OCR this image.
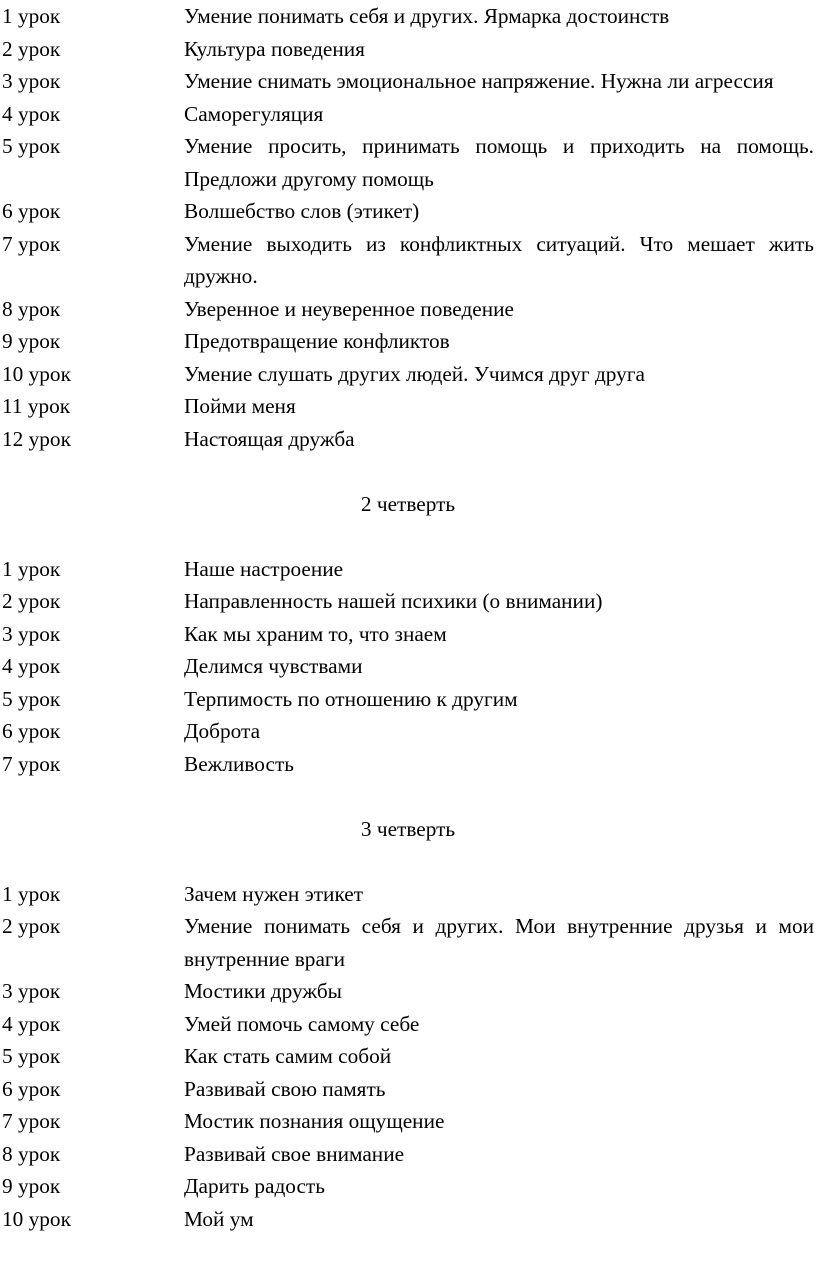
1 урок	Умение понимать себя и других. Ярмарка достоинств
2 урок	Культура поведения
3 урок	Умение снимать эмоциональное напряжение. Нужна ли агрессия
4 урок	Саморегуляция
5 урок	Умение просить, принимать помощь и приходить на помощь. Предложи другому помощь
6 урок	Волшебство слов (этикет)
7 урок	Умение выходить из конфликтных ситуаций. Что мешает жить дружно.
8 урок	Уверенное и неуверенное поведение
9 урок	Предотвращение конфликтов
10 урок	Умение слушать других людей. Учимся друг друга
11 урок	Пойми меня
12 урок	Настоящая дружба
2 четверть
1 урок	Наше настроение
2 урок	Направленность нашей психики (о внимании)
3 урок	Как мы храним то, что знаем
4 урок	Делимся чувствами
5 урок	Терпимость по отношению к другим
6 урок	Доброта
7 урок	Вежливость
3 четверть
1 урок	Зачем нужен этикет
2 урок	Умение понимать себя и других. Мои внутренние друзья и мои внутренние враги
3 урок	Мостики дружбы
4 урок	Умей помочь самому себе
5 урок	Как стать самим собой
6 урок	Развивай свою память
7 урок	Мостик познания ощущение
8 урок	Развивай свое внимание
9 урок	Дарить радость
10 урок	Мой ум
